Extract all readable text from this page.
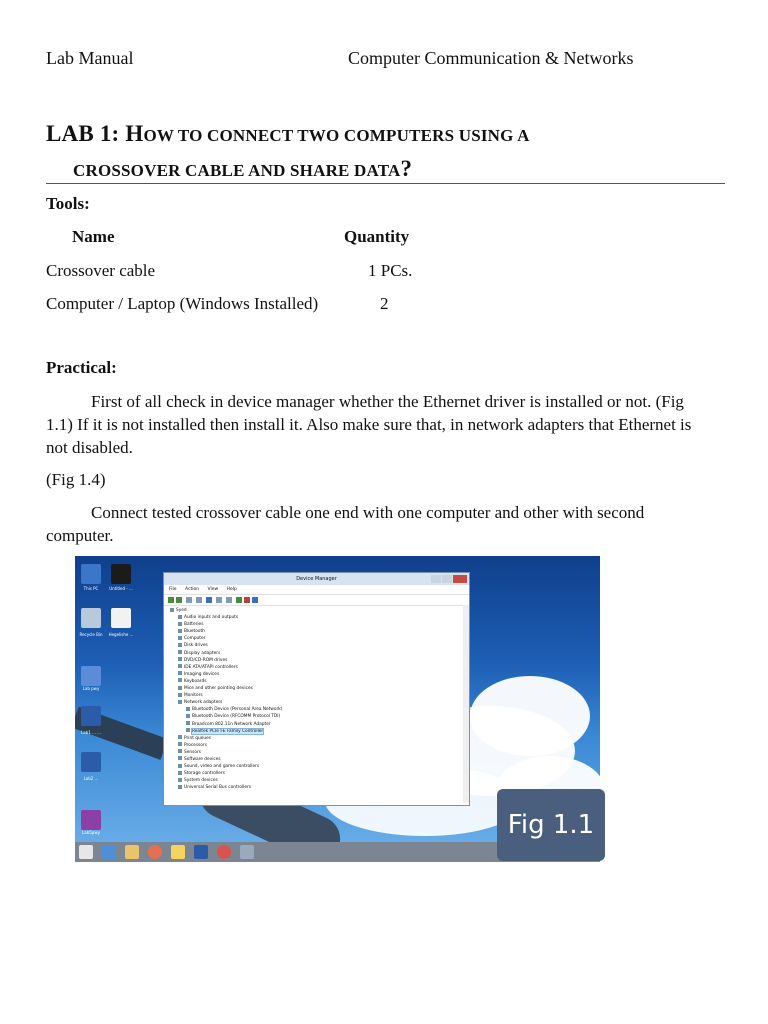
Lab Manual	Computer Communication & Networks
LAB 1: HOW TO CONNECT TWO COMPUTERS USING A
CROSSOVER CABLE AND SHARE DATA?
Tools:
Name	Quantity
Crossover cable	1 PCs.
Computer / Laptop (Windows Installed)	2
Practical:
First of all check in device manager whether the Ethernet driver is installed or not. (Fig
1.1) If it is not installed then install it. Also make sure that, in network adapters that Ethernet is
not disabled.
(Fig 1.4)
Connect tested crossover cable one end with one computer and other with second
computer.
This PC	Untitled - ...
Recycle Bin	Hegelishe ...
Lab pwy
Lab1 ... ...
Lab2 ...
Lab5pwy
Device Manager
File Action View Help
Syed
Audio inputs and outputs
Batteries
Bluetooth
Computer
Disk drives
Display adapters
DVD/CD-ROM drives
IDE ATA/ATAPI controllers
Imaging devices
Keyboards
Mice and other pointing devices
Monitors
Network adapters
Bluetooth Device (Personal Area Network)
Bluetooth Device (RFCOMM Protocol TDI)
Broadcom 802.11n Network Adapter
Realtek PCIe FE Family Controller
Print queues
Processors
Sensors
Software devices
Sound, video and game controllers
Storage controllers
System devices
Universal Serial Bus controllers
Fig 1.1
